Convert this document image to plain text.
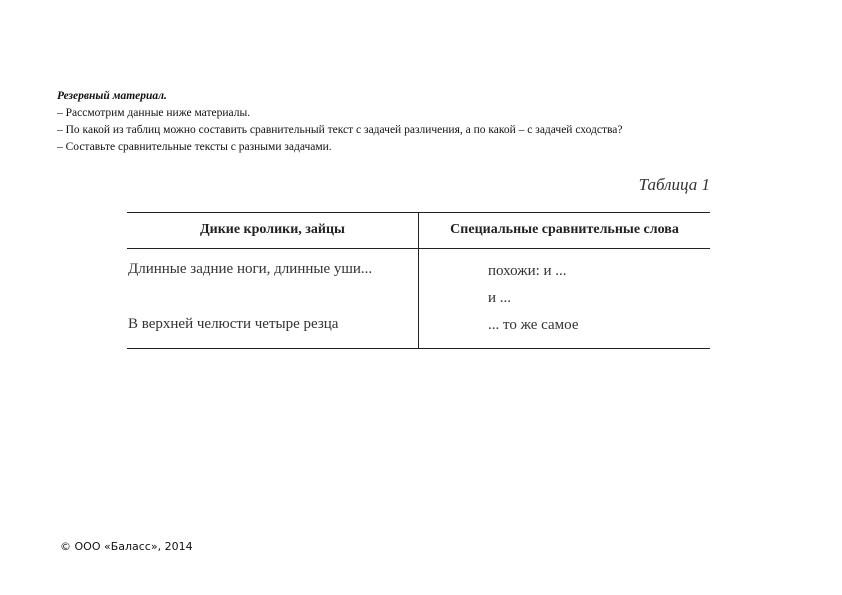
Резервный материал.
– Рассмотрим данные ниже материалы.
– По какой из таблиц можно составить сравнительный текст с задачей различения, а по какой – с задачей сходства?
– Составьте сравнительные тексты с разными задачами.
Таблица 1
Дикие кролики, зайцы	Специальные сравнительные слова
Длинные задние ноги, длинные уши...
В верхней челюсти четыре резца
похожи: и ...
и ...
... то же самое
© ООО «Баласс», 2014
